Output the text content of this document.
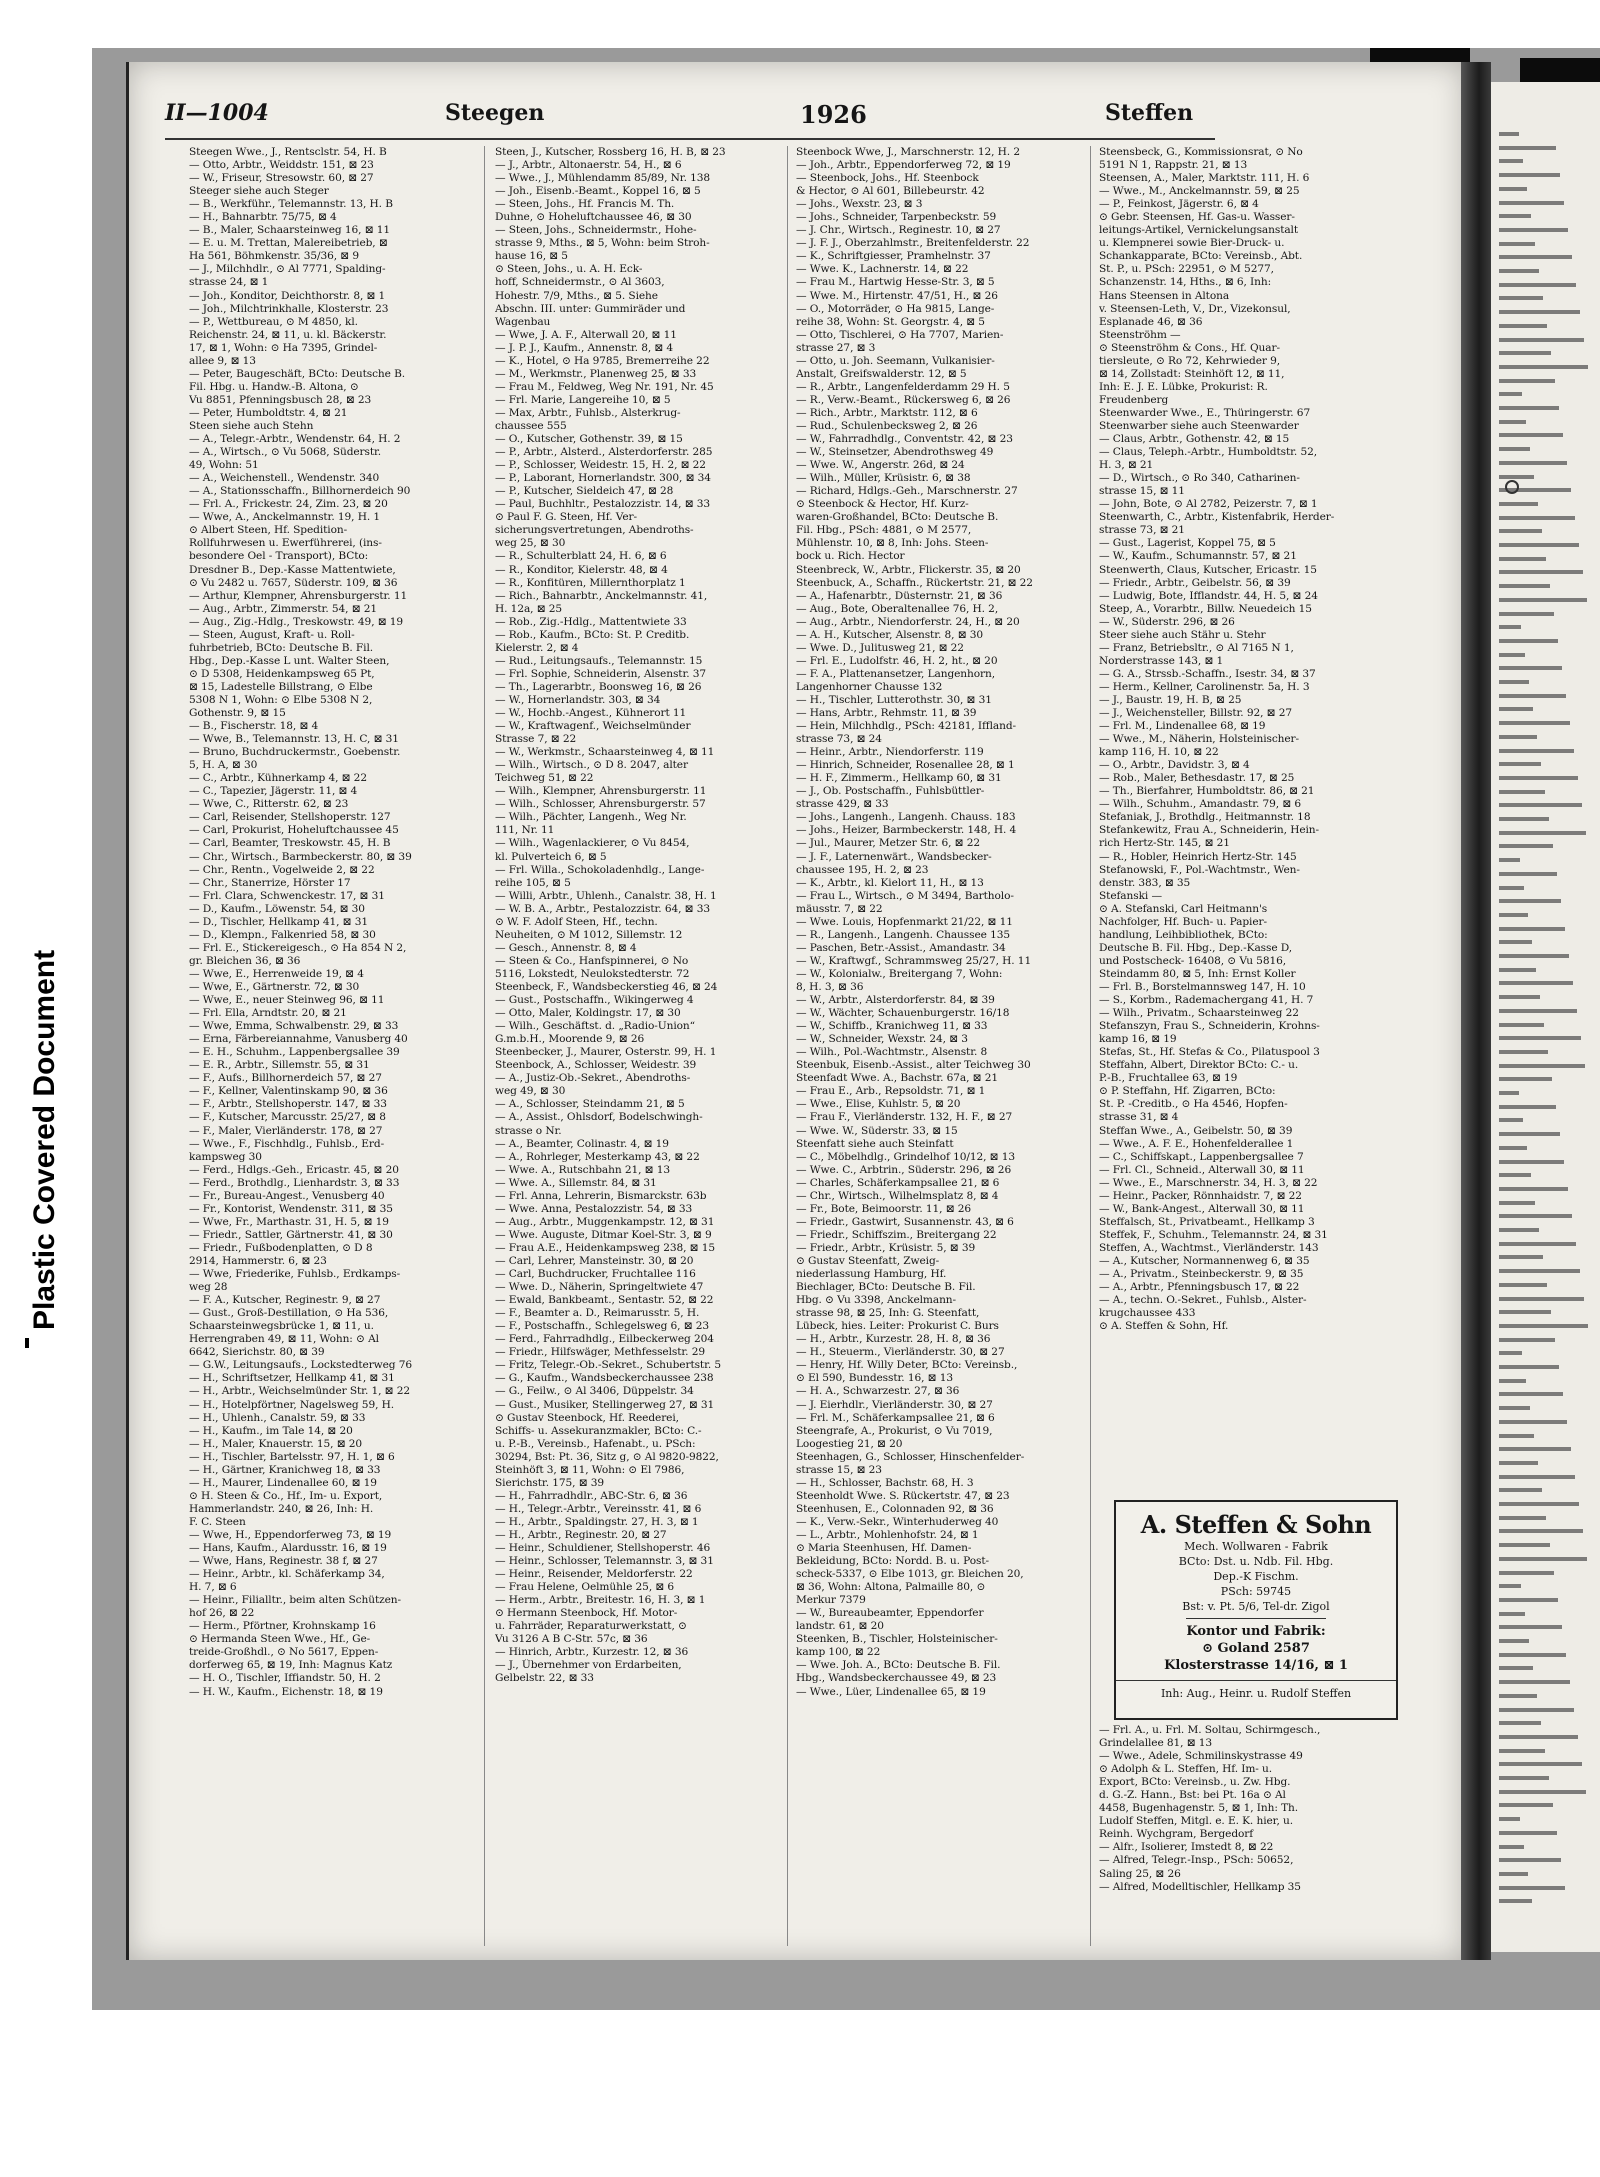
II—1004	Steegen	1926	Steffen
Steegen Wwe., J., Rentsclstr. 54, H. B
— Otto, Arbtr., Weiddstr. 151, ⊠ 23
— W., Friseur, Stresowstr. 60, ⊠ 27
Steeger siehe auch Steger
— B., Werkführ., Telemannstr. 13, H. B
— H., Bahnarbtr. 75/75, ⊠ 4
— B., Maler, Schaarsteinweg 16, ⊠ 11
— E. u. M. Trettan, Malereibetrieb, ⊠
Ha 561, Böhmkenstr. 35/36, ⊠ 9
— J., Milchhdlr., ⊙ Al 7771, Spalding-
strasse 24, ⊠ 1
— Joh., Konditor, Deichthorstr. 8, ⊠ 1
— Joh., Milchtrinkhalle, Klosterstr. 23
— P., Wettbureau, ⊙ M 4850, kl.
Reichenstr. 24, ⊠ 11, u. kl. Bäckerstr.
17, ⊠ 1, Wohn: ⊙ Ha 7395, Grindel-
allee 9, ⊠ 13
— Peter, Baugeschäft, BCto: Deutsche B.
Fil. Hbg. u. Handw.-B. Altona, ⊙
Vu 8851, Pfenningsbusch 28, ⊠ 23
— Peter, Humboldtstr. 4, ⊠ 21
Steen siehe auch Stehn
— A., Telegr.-Arbtr., Wendenstr. 64, H. 2
— A., Wirtsch., ⊙ Vu 5068, Süderstr.
49, Wohn: 51
— A., Weichenstell., Wendenstr. 340
— A., Stationsschaffn., Billhornerdeich 90
— Frl. A., Frickestr. 24, Zim. 23, ⊠ 20
— Wwe, A., Anckelmannstr. 19, H. 1
⊙ Albert Steen, Hf. Spedition-
Rollfuhrwesen u. Ewerführerei, (ins-
besondere Oel - Transport), BCto:
Dresdner B., Dep.-Kasse Mattentwiete,
⊙ Vu 2482 u. 7657, Süderstr. 109, ⊠ 36
— Arthur, Klempner, Ahrensburgerstr. 11
— Aug., Arbtr., Zimmerstr. 54, ⊠ 21
— Aug., Zig.-Hdlg., Treskowstr. 49, ⊠ 19
— Steen, August, Kraft- u. Roll-
fuhrbetrieb, BCto: Deutsche B. Fil.
Hbg., Dep.-Kasse L unt. Walter Steen,
⊙ D 5308, Heidenkampsweg 65 Pt,
⊠ 15, Ladestelle Billstrang, ⊙ Elbe
5308 N 1, Wohn: ⊙ Elbe 5308 N 2,
Gothenstr. 9, ⊠ 15
— B., Fischerstr. 18, ⊠ 4
— Wwe, B., Telemannstr. 13, H. C, ⊠ 31
— Bruno, Buchdruckermstr., Goebenstr.
5, H. A, ⊠ 30
— C., Arbtr., Kühnerkamp 4, ⊠ 22
— C., Tapezier, Jägerstr. 11, ⊠ 4
— Wwe, C., Ritterstr. 62, ⊠ 23
— Carl, Reisender, Stellshoperstr. 127
— Carl, Prokurist, Hoheluftchaussee 45
— Carl, Beamter, Treskowstr. 45, H. B
— Chr., Wirtsch., Barmbeckerstr. 80, ⊠ 39
— Chr., Rentn., Vogelweide 2, ⊠ 22
— Chr., Stanerrize, Hörster 17
— Frl. Clara, Schwenckestr. 17, ⊠ 31
— D., Kaufm., Löwenstr. 54, ⊠ 30
— D., Tischler, Hellkamp 41, ⊠ 31
— D., Klempn., Falkenried 58, ⊠ 30
— Frl. E., Stickereigesch., ⊙ Ha 854 N 2,
gr. Bleichen 36, ⊠ 36
— Wwe, E., Herrenweide 19, ⊠ 4
— Wwe, E., Gärtnerstr. 72, ⊠ 30
— Wwe, E., neuer Steinweg 96, ⊠ 11
— Frl. Ella, Arndtstr. 20, ⊠ 21
— Wwe, Emma, Schwalbenstr. 29, ⊠ 33
— Erna, Färbereiannahme, Vanusberg 40
— E. H., Schuhm., Lappenbergsallee 39
— E. R., Arbtr., Sillemstr. 55, ⊠ 31
— F., Aufs., Billhornerdeich 57, ⊠ 27
— F., Kellner, Valentinskamp 90, ⊠ 36
— F., Arbtr., Stellshoperstr. 147, ⊠ 33
— F., Kutscher, Marcusstr. 25/27, ⊠ 8
— F., Maler, Vierländerstr. 178, ⊠ 27
— Wwe., F., Fischhdlg., Fuhlsb., Erd-
kampsweg 30
— Ferd., Hdlgs.-Geh., Ericastr. 45, ⊠ 20
— Ferd., Brothdlg., Lienhardstr. 3, ⊠ 33
— Fr., Bureau-Angest., Venusberg 40
— Fr., Kontorist, Wendenstr. 311, ⊠ 35
— Wwe, Fr., Marthastr. 31, H. 5, ⊠ 19
— Friedr., Sattler, Gärtnerstr. 41, ⊠ 30
— Friedr., Fußbodenplatten, ⊙ D 8
2914, Hammerstr. 6, ⊠ 23
— Wwe, Friederike, Fuhlsb., Erdkamps-
weg 28
— F. A., Kutscher, Reginestr. 9, ⊠ 27
— Gust., Groß-Destillation, ⊙ Ha 536,
Schaarsteinwegsbrücke 1, ⊠ 11, u.
Herrengraben 49, ⊠ 11, Wohn: ⊙ Al
6642, Sierichstr. 80, ⊠ 39
— G.W., Leitungsaufs., Lockstedterweg 76
— H., Schriftsetzer, Hellkamp 41, ⊠ 31
— H., Arbtr., Weichselmünder Str. 1, ⊠ 22
— H., Hotelpförtner, Nagelsweg 59, H.
— H., Uhlenh., Canalstr. 59, ⊠ 33
— H., Kaufm., im Tale 14, ⊠ 20
— H., Maler, Knauerstr. 15, ⊠ 20
— H., Tischler, Bartelsstr. 97, H. 1, ⊠ 6
— H., Gärtner, Kranichweg 18, ⊠ 33
— H., Maurer, Lindenallee 60, ⊠ 19
⊙ H. Steen & Co., Hf., Im- u. Export,
Hammerlandstr. 240, ⊠ 26, Inh: H.
F. C. Steen
— Wwe, H., Eppendorferweg 73, ⊠ 19
— Hans, Kaufm., Alardusstr. 16, ⊠ 19
— Wwe, Hans, Reginestr. 38 f, ⊠ 27
— Heinr., Arbtr., kl. Schäferkamp 34,
H. 7, ⊠ 6
— Heinr., Filialltr., beim alten Schützen-
hof 26, ⊠ 22
— Herm., Pförtner, Krohnskamp 16
⊙ Hermanda Steen Wwe., Hf., Ge-
treide-Großhdl., ⊙ No 5617, Eppen-
dorferweg 65, ⊠ 19, Inh: Magnus Katz
— H. O., Tischler, Iffiandstr. 50, H. 2
— H. W., Kaufm., Eichenstr. 18, ⊠ 19
Steen, J., Kutscher, Rossberg 16, H. B, ⊠ 23
— J., Arbtr., Altonaerstr. 54, H., ⊠ 6
— Wwe., J., Mühlendamm 85/89, Nr. 138
— Joh., Eisenb.-Beamt., Koppel 16, ⊠ 5
— Steen, Johs., Hf. Francis M. Th.
Duhne, ⊙ Hoheluftchaussee 46, ⊠ 30
— Steen, Johs., Schneidermstr., Hohe-
strasse 9, Mths., ⊠ 5, Wohn: beim Stroh-
hause 16, ⊠ 5
⊙ Steen, Johs., u. A. H. Eck-
hoff, Schneidermstr., ⊙ Al 3603,
Hohestr. 7/9, Mths., ⊠ 5. Siehe
Abschn. III. unter: Gummiräder und
Wagenbau
— Wwe, J. A. F., Alterwall 20, ⊠ 11
— J. P. J., Kaufm., Annenstr. 8, ⊠ 4
— K., Hotel, ⊙ Ha 9785, Bremerreihe 22
— M., Werkmstr., Planenweg 25, ⊠ 33
— Frau M., Feldweg, Weg Nr. 191, Nr. 45
— Frl. Marie, Langereihe 10, ⊠ 5
— Max, Arbtr., Fuhlsb., Alsterkrug-
chaussee 555
— O., Kutscher, Gothenstr. 39, ⊠ 15
— P., Arbtr., Alsterd., Alsterdorferstr. 285
— P., Schlosser, Weidestr. 15, H. 2, ⊠ 22
— P., Laborant, Hornerlandstr. 300, ⊠ 34
— P., Kutscher, Sieldeich 47, ⊠ 28
— Paul, Buchhltr., Pestalozzistr. 14, ⊠ 33
⊙ Paul F. G. Steen, Hf. Ver-
sicherungsvertretungen, Abendroths-
weg 25, ⊠ 30
— R., Schulterblatt 24, H. 6, ⊠ 6
— R., Konditor, Kielerstr. 48, ⊠ 4
— R., Konfitüren, Millernthorplatz 1
— Rich., Bahnarbtr., Anckelmannstr. 41,
H. 12a, ⊠ 25
— Rob., Zig.-Hdlg., Mattentwiete 33
— Rob., Kaufm., BCto: St. P. Creditb.
Kielerstr. 2, ⊠ 4
— Rud., Leitungsaufs., Telemannstr. 15
— Frl. Sophie, Schneiderin, Alsenstr. 37
— Th., Lagerarbtr., Boonsweg 16, ⊠ 26
— W., Hornerlandstr. 303, ⊠ 34
— W., Hochb.-Angest., Kühnerort 11
— W., Kraftwagenf., Weichselmünder
Strasse 7, ⊠ 22
— W., Werkmstr., Schaarsteinweg 4, ⊠ 11
— Wilh., Wirtsch., ⊙ D 8. 2047, alter
Teichweg 51, ⊠ 22
— Wilh., Klempner, Ahrensburgerstr. 11
— Wilh., Schlosser, Ahrensburgerstr. 57
— Wilh., Pächter, Langenh., Weg Nr.
111, Nr. 11
— Wilh., Wagenlackierer, ⊙ Vu 8454,
kl. Pulverteich 6, ⊠ 5
— Frl. Willa., Schokoladenhdlg., Lange-
reihe 105, ⊠ 5
— Willi, Arbtr., Uhlenh., Canalstr. 38, H. 1
— W. B. A., Arbtr., Pestalozzistr. 64, ⊠ 33
⊙ W. F. Adolf Steen, Hf., techn.
Neuheiten, ⊙ M 1012, Sillemstr. 12
— Gesch., Annenstr. 8, ⊠ 4
— Steen & Co., Hanfspinnerei, ⊙ No
5116, Lokstedt, Neulokstedterstr. 72
Steenbeck, F., Wandsbeckerstieg 46, ⊠ 24
— Gust., Postschaffn., Wikingerweg 4
— Otto, Maler, Koldingstr. 17, ⊠ 30
— Wilh., Geschäftst. d. „Radio-Union“
G.m.b.H., Moorende 9, ⊠ 26
Steenbecker, J., Maurer, Osterstr. 99, H. 1
Steenbock, A., Schlosser, Weidestr. 39
— A., Justiz-Ob.-Sekret., Abendroths-
weg 49, ⊠ 30
— A., Schlosser, Steindamm 21, ⊠ 5
— A., Assist., Ohlsdorf, Bodelschwingh-
strasse o Nr.
— A., Beamter, Colinastr. 4, ⊠ 19
— A., Rohrleger, Mesterkamp 43, ⊠ 22
— Wwe. A., Rutschbahn 21, ⊠ 13
— Wwe. A., Sillemstr. 84, ⊠ 31
— Frl. Anna, Lehrerin, Bismarckstr. 63b
— Wwe. Anna, Pestalozzistr. 54, ⊠ 33
— Aug., Arbtr., Muggenkampstr. 12, ⊠ 31
— Wwe. Auguste, Ditmar Koel-Str. 3, ⊠ 9
— Frau A.E., Heidenkampsweg 238, ⊠ 15
— Carl, Lehrer, Mansteinstr. 30, ⊠ 20
— Carl, Buchdrucker, Fruchtallee 116
— Wwe. D., Näherin, Springeltwiete 47
— Ewald, Bankbeamt., Sentastr. 52, ⊠ 22
— F., Beamter a. D., Reimarusstr. 5, H.
— F., Postschaffn., Schlegelsweg 6, ⊠ 23
— Ferd., Fahrradhdlg., Eilbeckerweg 204
— Friedr., Hilfswäger, Methfesselstr. 29
— Fritz, Telegr.-Ob.-Sekret., Schubertstr. 5
— G., Kaufm., Wandsbeckerchaussee 238
— G., Feilw., ⊙ Al 3406, Düppelstr. 34
— Gust., Musiker, Stellingerweg 27, ⊠ 31
⊙ Gustav Steenbock, Hf. Reederei,
Schiffs- u. Assekuranzmakler, BCto: C.-
u. P.-B., Vereinsb., Hafenabt., u. PSch:
30294, Bst: Pt. 36, Sitz g, ⊙ Al 9820-9822,
Steinhöft 3, ⊠ 11, Wohn: ⊙ El 7986,
Sierichstr. 175, ⊠ 39
— H., Fahrradhdlr., ABC-Str. 6, ⊠ 36
— H., Telegr.-Arbtr., Vereinsstr. 41, ⊠ 6
— H., Arbtr., Spaldingstr. 27, H. 3, ⊠ 1
— H., Arbtr., Reginestr. 20, ⊠ 27
— Heinr., Schuldiener, Stellshoperstr. 46
— Heinr., Schlosser, Telemannstr. 3, ⊠ 31
— Heinr., Reisender, Meldorferstr. 22
— Frau Helene, Oelmühle 25, ⊠ 6
— Herm., Arbtr., Breitestr. 16, H. 3, ⊠ 1
⊙ Hermann Steenbock, Hf. Motor-
u. Fahrräder, Reparaturwerkstatt, ⊙
Vu 3126 A B C-Str. 57c, ⊠ 36
— Hinrich, Arbtr., Kurzestr. 12, ⊠ 36
— J., Übernehmer von Erdarbeiten,
Gelbelstr. 22, ⊠ 33
Steenbock Wwe, J., Marschnerstr. 12, H. 2
— Joh., Arbtr., Eppendorferweg 72, ⊠ 19
— Steenbock, Johs., Hf. Steenbock
& Hector, ⊙ Al 601, Billebeurstr. 42
— Johs., Wexstr. 23, ⊠ 3
— Johs., Schneider, Tarpenbeckstr. 59
— J. Chr., Wirtsch., Reginestr. 10, ⊠ 27
— J. F. J., Oberzahlmstr., Breitenfelderstr. 22
— K., Schriftgiesser, Pramhelnstr. 37
— Wwe. K., Lachnerstr. 14, ⊠ 22
— Frau M., Hartwig Hesse-Str. 3, ⊠ 5
— Wwe. M., Hirtenstr. 47/51, H., ⊠ 26
— O., Motorräder, ⊙ Ha 9815, Lange-
reihe 38, Wohn: St. Georgstr. 4, ⊠ 5
— Otto, Tischlerei, ⊙ Ha 7707, Marien-
strasse 27, ⊠ 3
— Otto, u. Joh. Seemann, Vulkanisier-
Anstalt, Greifswalderstr. 12, ⊠ 5
— R., Arbtr., Langenfelderdamm 29 H. 5
— R., Verw.-Beamt., Rückersweg 6, ⊠ 26
— Rich., Arbtr., Marktstr. 112, ⊠ 6
— Rud., Schulenbecksweg 2, ⊠ 26
— W., Fahrradhdlg., Conventstr. 42, ⊠ 23
— W., Steinsetzer, Abendrothsweg 49
— Wwe. W., Angerstr. 26d, ⊠ 24
— Wilh., Müller, Krüsistr. 6, ⊠ 38
— Richard, Hdlgs.-Geh., Marschnerstr. 27
⊙ Steenbock & Hector, Hf. Kurz-
waren-Großhandel, BCto: Deutsche B.
Fil. Hbg., PSch: 4881, ⊙ M 2577,
Mühlenstr. 10, ⊠ 8, Inh: Johs. Steen-
bock u. Rich. Hector
Steenbreck, W., Arbtr., Flickerstr. 35, ⊠ 20
Steenbuck, A., Schaffn., Rückertstr. 21, ⊠ 22
— A., Hafenarbtr., Düsternstr. 21, ⊠ 36
— Aug., Bote, Oberaltenallee 76, H. 2,
— Aug., Arbtr., Niendorferstr. 24, H., ⊠ 20
— A. H., Kutscher, Alsenstr. 8, ⊠ 30
— Wwe. D., Julitusweg 21, ⊠ 22
— Frl. E., Ludolfstr. 46, H. 2, ht., ⊠ 20
— F. A., Plattenansetzer, Langenhorn,
Langenhorner Chausse 132
— H., Tischler, Lutterothstr. 30, ⊠ 31
— Hans, Arbtr., Rehmstr. 11, ⊠ 39
— Hein, Milchhdlg., PSch: 42181, Iffland-
strasse 73, ⊠ 24
— Heinr., Arbtr., Niendorferstr. 119
— Hinrich, Schneider, Rosenallee 28, ⊠ 1
— H. F., Zimmerm., Hellkamp 60, ⊠ 31
— J., Ob. Postschaffn., Fuhlsbüttler-
strasse 429, ⊠ 33
— Johs., Langenh., Langenh. Chauss. 183
— Johs., Heizer, Barmbeckerstr. 148, H. 4
— Jul., Maurer, Metzer Str. 6, ⊠ 22
— J. F., Laternenwärt., Wandsbecker-
chaussee 195, H. 2, ⊠ 23
— K., Arbtr., kl. Kielort 11, H., ⊠ 13
— Frau L., Wirtsch., ⊙ M 3494, Bartholo-
mäusstr. 7, ⊠ 22
— Wwe. Louis, Hopfenmarkt 21/22, ⊠ 11
— R., Langenh., Langenh. Chaussee 135
— Paschen, Betr.-Assist., Amandastr. 34
— W., Kraftwgf., Schrammsweg 25/27, H. 11
— W., Kolonialw., Breitergang 7, Wohn:
8, H. 3, ⊠ 36
— W., Arbtr., Alsterdorferstr. 84, ⊠ 39
— W., Wächter, Schauenburgerstr. 16/18
— W., Schiffb., Kranichweg 11, ⊠ 33
— W., Schneider, Wexstr. 24, ⊠ 3
— Wilh., Pol.-Wachtmstr., Alsenstr. 8
Steenbuk, Eisenb.-Assist., alter Teichweg 30
Steenfadt Wwe. A., Bachstr. 67a, ⊠ 21
— Frau E., Arb., Repsoldstr. 71, ⊠ 1
— Wwe., Elise, Kuhlstr. 5, ⊠ 20
— Frau F., Vierländerstr. 132, H. F., ⊠ 27
— Wwe. W., Süderstr. 33, ⊠ 15
Steenfatt siehe auch Steinfatt
— C., Möbelhdlg., Grindelhof 10/12, ⊠ 13
— Wwe. C., Arbtrin., Süderstr. 296, ⊠ 26
— Charles, Schäferkampsallee 21, ⊠ 6
— Chr., Wirtsch., Wilhelmsplatz 8, ⊠ 4
— Fr., Bote, Beimoorstr. 11, ⊠ 26
— Friedr., Gastwirt, Susannenstr. 43, ⊠ 6
— Friedr., Schiffszim., Breitergang 22
— Friedr., Arbtr., Krüsistr. 5, ⊠ 39
⊙ Gustav Steenfatt, Zweig-
niederlassung Hamburg, Hf.
Biechlager, BCto: Deutsche B. Fil.
Hbg. ⊙ Vu 3398, Anckelmann-
strasse 98, ⊠ 25, Inh: G. Steenfatt,
Lübeck, hies. Leiter: Prokurist C. Burs
— H., Arbtr., Kurzestr. 28, H. 8, ⊠ 36
— H., Steuerm., Vierländerstr. 30, ⊠ 27
— Henry, Hf. Willy Deter, BCto: Vereinsb.,
⊙ El 590, Bundesstr. 16, ⊠ 13
— H. A., Schwarzestr. 27, ⊠ 36
— J. Eierhdlr., Vierländerstr. 30, ⊠ 27
— Frl. M., Schäferkampsallee 21, ⊠ 6
Steengrafe, A., Prokurist, ⊙ Vu 7019,
Loogestieg 21, ⊠ 20
Steenhagen, G., Schlosser, Hinschenfelder-
strasse 15, ⊠ 23
— H., Schlosser, Bachstr. 68, H. 3
Steenholdt Wwe. S. Rückertstr. 47, ⊠ 23
Steenhusen, E., Colonnaden 92, ⊠ 36
— K., Verw.-Sekr., Winterhuderweg 40
— L., Arbtr., Mohlenhofstr. 24, ⊠ 1
⊙ Maria Steenhusen, Hf. Damen-
Bekleidung, BCto: Nordd. B. u. Post-
scheck-5337, ⊙ Elbe 1013, gr. Bleichen 20,
⊠ 36, Wohn: Altona, Palmaille 80, ⊙
Merkur 7379
— W., Bureaubeamter, Eppendorfer
landstr. 61, ⊠ 20
Steenken, B., Tischler, Holsteinischer-
kamp 100, ⊠ 22
— Wwe. Joh. A., BCto: Deutsche B. Fil.
Hbg., Wandsbeckerchaussee 49, ⊠ 23
— Wwe., Lüer, Lindenallee 65, ⊠ 19
Steensbeck, G., Kommissionsrat, ⊙ No
5191 N 1, Rappstr. 21, ⊠ 13
Steensen, A., Maler, Marktstr. 111, H. 6
— Wwe., M., Anckelmannstr. 59, ⊠ 25
— P., Feinkost, Jägerstr. 6, ⊠ 4
⊙ Gebr. Steensen, Hf. Gas-u. Wasser-
leitungs-Artikel, Vernickelungsanstalt
u. Klempnerei sowie Bier-Druck- u.
Schankapparate, BCto: Vereinsb., Abt.
St. P., u. PSch: 22951, ⊙ M 5277,
Schanzenstr. 14, Hths., ⊠ 6, Inh:
Hans Steensen in Altona
v. Steensen-Leth, V., Dr., Vizekonsul,
Esplanade 46, ⊠ 36
Steenströhm —
⊙ Steenströhm & Cons., Hf. Quar-
tiersleute, ⊙ Ro 72, Kehrwieder 9,
⊠ 14, Zollstadt: Steinhöft 12, ⊠ 11,
Inh: E. J. E. Lübke, Prokurist: R.
Freudenberg
Steenwarder Wwe., E., Thüringerstr. 67
Steenwarber siehe auch Steenwarder
— Claus, Arbtr., Gothenstr. 42, ⊠ 15
— Claus, Teleph.-Arbtr., Humboldtstr. 52,
H. 3, ⊠ 21
— D., Wirtsch., ⊙ Ro 340, Catharinen-
strasse 15, ⊠ 11
— John, Bote, ⊙ Al 2782, Peizerstr. 7, ⊠ 1
Steenwarth, C., Arbtr., Kistenfabrik, Herder-
strasse 73, ⊠ 21
— Gust., Lagerist, Koppel 75, ⊠ 5
— W., Kaufm., Schumannstr. 57, ⊠ 21
Steenwerth, Claus, Kutscher, Ericastr. 15
— Friedr., Arbtr., Geibelstr. 56, ⊠ 39
— Ludwig, Bote, Ifflandstr. 44, H. 5, ⊠ 24
Steep, A., Vorarbtr., Billw. Neuedeich 15
— W., Süderstr. 296, ⊠ 26
Steer siehe auch Stähr u. Stehr
— Franz, Betriebsltr., ⊙ Al 7165 N 1,
Norderstrasse 143, ⊠ 1
— G. A., Strssb.-Schaffn., Isestr. 34, ⊠ 37
— Herm., Kellner, Carolinenstr. 5a, H. 3
— J., Baustr. 19, H. B, ⊠ 25
— J., Weichensteller, Billstr. 92, ⊠ 27
— Frl. M., Lindenallee 68, ⊠ 19
— Wwe., M., Näherin, Holsteinischer-
kamp 116, H. 10, ⊠ 22
— O., Arbtr., Davidstr. 3, ⊠ 4
— Rob., Maler, Bethesdastr. 17, ⊠ 25
— Th., Bierfahrer, Humboldtstr. 86, ⊠ 21
— Wilh., Schuhm., Amandastr. 79, ⊠ 6
Stefaniak, J., Brothdlg., Heitmannstr. 18
Stefankewitz, Frau A., Schneiderin, Hein-
rich Hertz-Str. 145, ⊠ 21
— R., Hobler, Heinrich Hertz-Str. 145
Stefanowski, F., Pol.-Wachtmstr., Wen-
denstr. 383, ⊠ 35
Stefanski —
⊙ A. Stefanski, Carl Heitmann's
Nachfolger, Hf. Buch- u. Papier-
handlung, Leihbibliothek, BCto:
Deutsche B. Fil. Hbg., Dep.-Kasse D,
und Postscheck- 16408, ⊙ Vu 5816,
Steindamm 80, ⊠ 5, Inh: Ernst Koller
— Frl. B., Borstelmannsweg 147, H. 10
— S., Korbm., Rademachergang 41, H. 7
— Wilh., Privatm., Schaarsteinweg 22
Stefanszyn, Frau S., Schneiderin, Krohns-
kamp 16, ⊠ 19
Stefas, St., Hf. Stefas & Co., Pilatuspool 3
Steffahn, Albert, Direktor BCto: C.- u.
P.-B., Fruchtallee 63, ⊠ 19
⊙ P. Steffahn, Hf. Zigarren, BCto:
St. P. -Creditb., ⊙ Ha 4546, Hopfen-
strasse 31, ⊠ 4
Steffan Wwe., A., Geibelstr. 50, ⊠ 39
— Wwe., A. F. E., Hohenfelderallee 1
— C., Schiffskapt., Lappenbergsallee 7
— Frl. Cl., Schneid., Alterwall 30, ⊠ 11
— Wwe., E., Marschnerstr. 34, H. 3, ⊠ 22
— Heinr., Packer, Rönnhaidstr. 7, ⊠ 22
— W., Bank-Angest., Alterwall 30, ⊠ 11
Steffalsch, St., Privatbeamt., Hellkamp 3
Steffek, F., Schuhm., Telemannstr. 24, ⊠ 31
Steffen, A., Wachtmst., Vierländerstr. 143
— A., Kutscher, Normannenweg 6, ⊠ 35
— A., Privatm., Steinbeckerstr. 9, ⊠ 35
— A., Arbtr., Pfenningsbusch 17, ⊠ 22
— A., techn. O.-Sekret., Fuhlsb., Alster-
krugchaussee 433
⊙ A. Steffen & Sohn, Hf.
A. Steffen & Sohn
Mech. Wollwaren - Fabrik
BCto: Dst. u. Ndb. Fil. Hbg.
Dep.-K Fischm.
PSch: 59745
Bst: v. Pt. 5/6, Tel-dr. Zigol
Kontor und Fabrik:
⊙ Goland 2587
Klosterstrasse 14/16, ⊠ 1
Inh: Aug., Heinr. u. Rudolf Steffen
— Frl. A., u. Frl. M. Soltau, Schirmgesch.,
Grindelallee 81, ⊠ 13
— Wwe., Adele, Schmilinskystrasse 49
⊙ Adolph & L. Steffen, Hf. Im- u.
Export, BCto: Vereinsb., u. Zw. Hbg.
d. G.-Z. Hann., Bst: bei Pt. 16a ⊙ Al
4458, Bugenhagenstr. 5, ⊠ 1, Inh: Th.
Ludolf Steffen, Mitgl. e. E. K. hier, u.
Reinh. Wychgram, Bergedorf
— Alfr., Isolierer, Imstedt 8, ⊠ 22
— Alfred, Telegr.-Insp., PSch: 50652,
Saling 25, ⊠ 26
— Alfred, Modelltischler, Hellkamp 35
Plastic Covered Document
